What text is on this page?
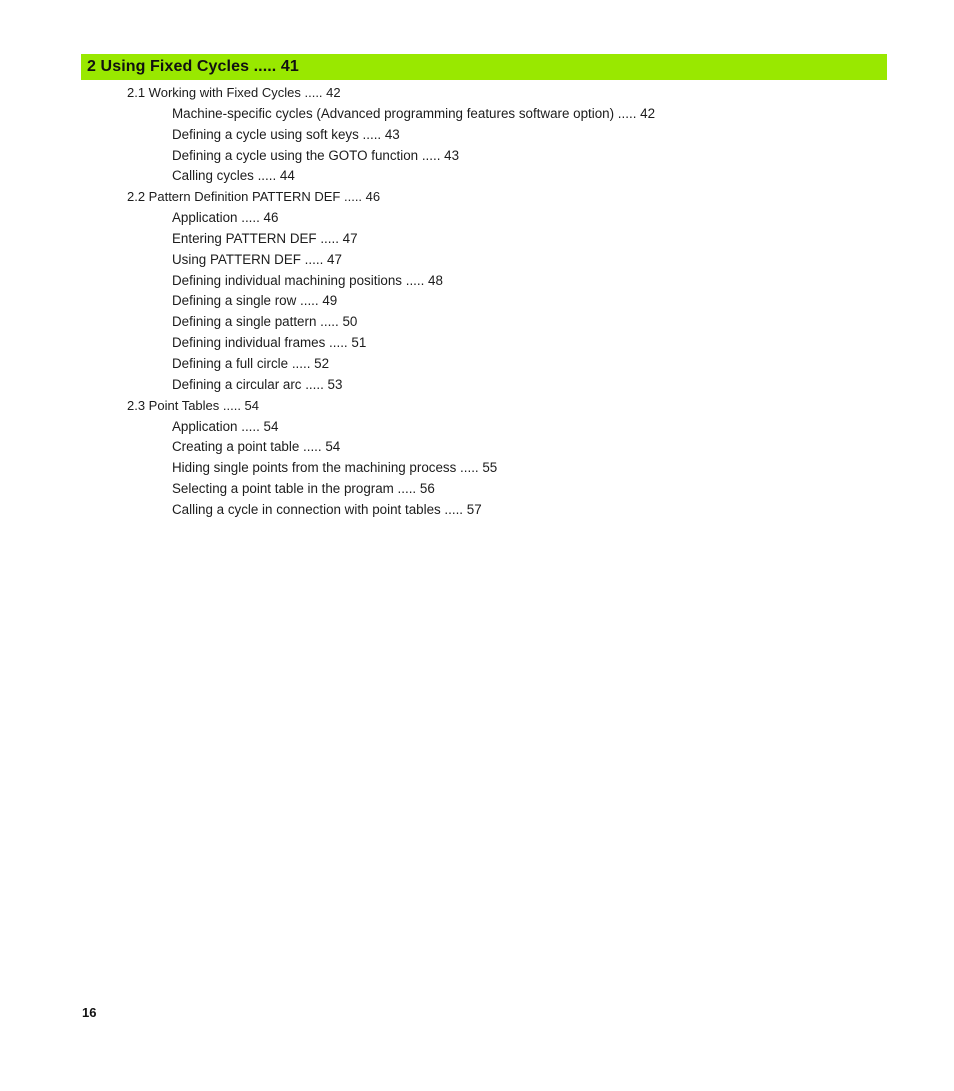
2 Using Fixed Cycles ..... 41
2.1 Working with Fixed Cycles ..... 42
Machine-specific cycles (Advanced programming features software option) ..... 42
Defining a cycle using soft keys ..... 43
Defining a cycle using the GOTO function ..... 43
Calling cycles ..... 44
2.2 Pattern Definition PATTERN DEF ..... 46
Application ..... 46
Entering PATTERN DEF ..... 47
Using PATTERN DEF ..... 47
Defining individual machining positions ..... 48
Defining a single row ..... 49
Defining a single pattern ..... 50
Defining individual frames ..... 51
Defining a full circle ..... 52
Defining a circular arc ..... 53
2.3 Point Tables ..... 54
Application ..... 54
Creating a point table ..... 54
Hiding single points from the machining process ..... 55
Selecting a point table in the program ..... 56
Calling a cycle in connection with point tables ..... 57
16
